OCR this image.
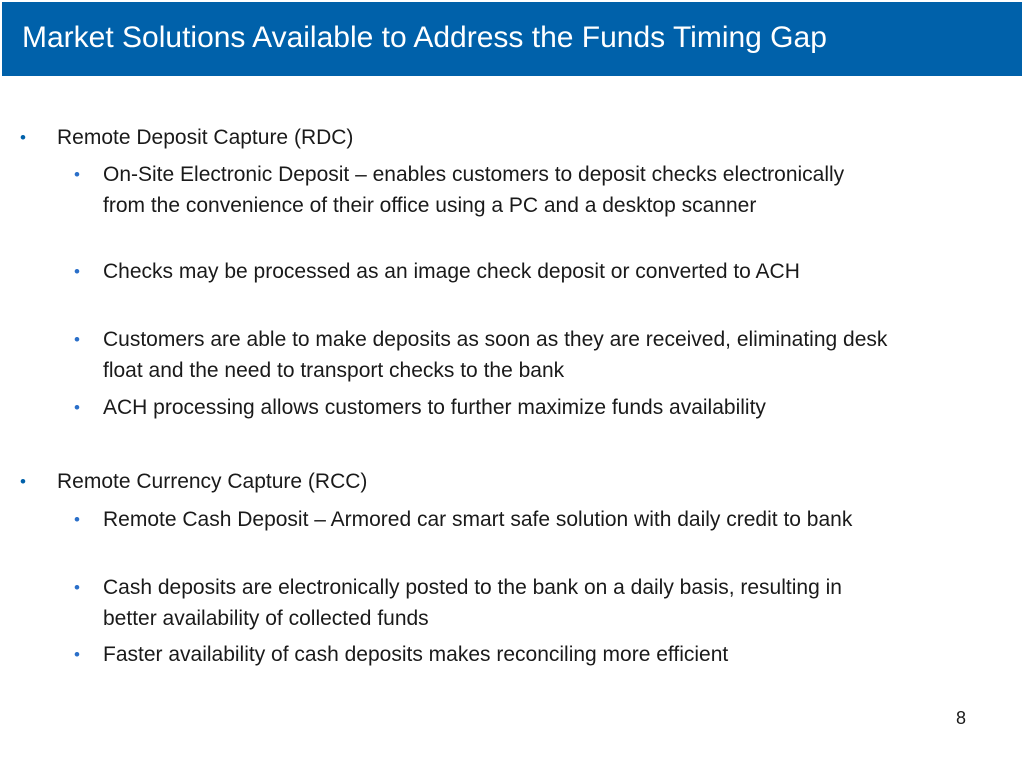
Market Solutions Available to Address the Funds Timing Gap
•	Remote Deposit Capture (RDC)
•	On-Site Electronic Deposit – enables customers to deposit checks electronically from the convenience of their office using a PC and a desktop scanner
•	Checks may be processed as an image check deposit or converted to ACH
•	Customers are able to make deposits as soon as they are received, eliminating desk float and the need to transport checks to the bank
•	ACH processing allows customers to further maximize funds availability
•	Remote Currency Capture (RCC)
•	Remote Cash Deposit – Armored car smart safe solution with daily credit to bank
•	Cash deposits are electronically posted to the bank on a daily basis, resulting in better availability of collected funds
•	Faster availability of cash deposits makes reconciling more efficient
8
